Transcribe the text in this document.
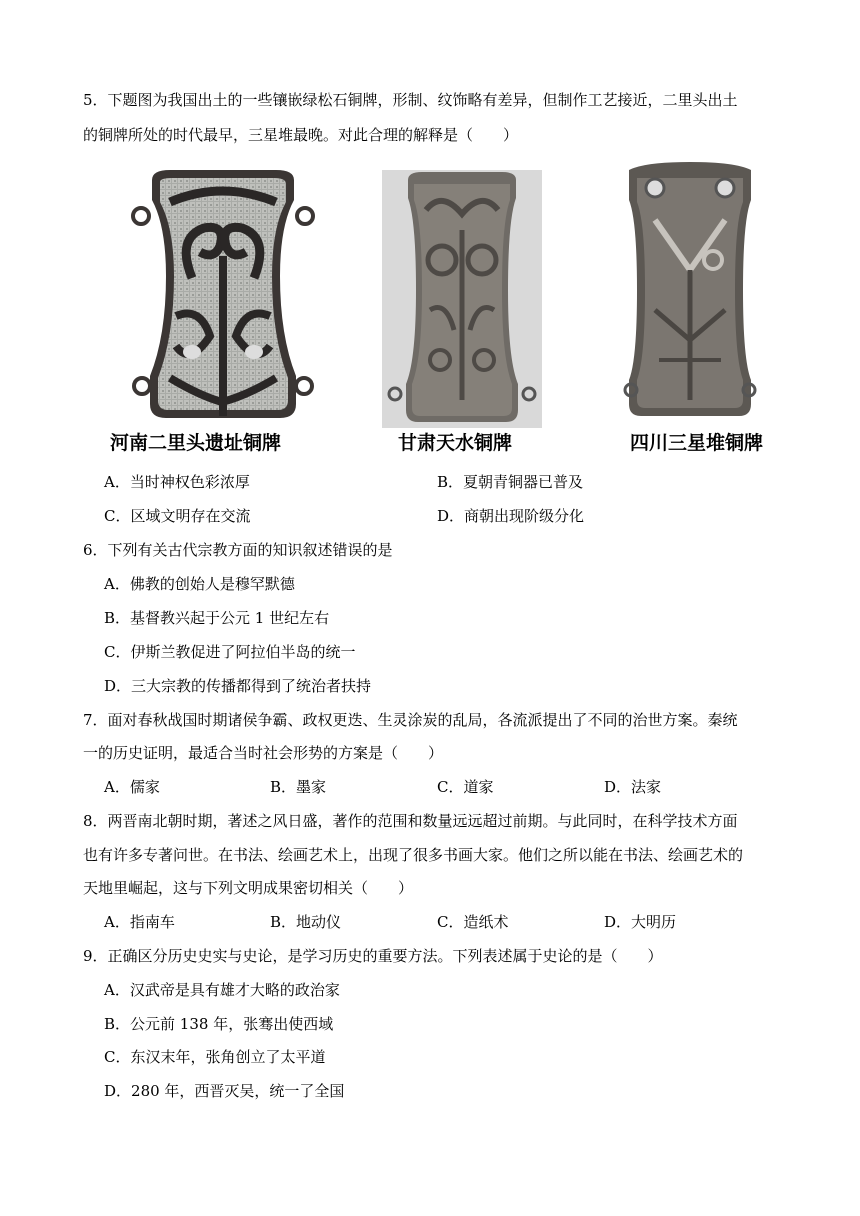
5．下题图为我国出土的一些镶嵌绿松石铜牌，形制、纹饰略有差异，但制作工艺接近，二里头出土
的铜牌所处的时代最早，三星堆最晚。对此合理的解释是（　　）
河南二里头遗址铜牌	甘肃天水铜牌	四川三星堆铜牌
A．当时神权色彩浓厚	B．夏朝青铜器已普及
C．区域文明存在交流	D．商朝出现阶级分化
6．下列有关古代宗教方面的知识叙述错误的是
A．佛教的创始人是穆罕默德
B．基督教兴起于公元 1 世纪左右
C．伊斯兰教促进了阿拉伯半岛的统一
D．三大宗教的传播都得到了统治者扶持
7．面对春秋战国时期诸侯争霸、政权更迭、生灵涂炭的乱局，各流派提出了不同的治世方案。秦统
一的历史证明，最适合当时社会形势的方案是（　　）
A．儒家	B．墨家	C．道家	D．法家
8．两晋南北朝时期，著述之风日盛，著作的范围和数量远远超过前期。与此同时，在科学技术方面
也有许多专著问世。在书法、绘画艺术上，出现了很多书画大家。他们之所以能在书法、绘画艺术的
天地里崛起，这与下列文明成果密切相关（　　）
A．指南车	B．地动仪	C．造纸术	D．大明历
9．正确区分历史史实与史论，是学习历史的重要方法。下列表述属于史论的是（　　）
A．汉武帝是具有雄才大略的政治家
B．公元前 138 年，张骞出使西域
C．东汉末年，张角创立了太平道
D．280 年，西晋灭吴，统一了全国
